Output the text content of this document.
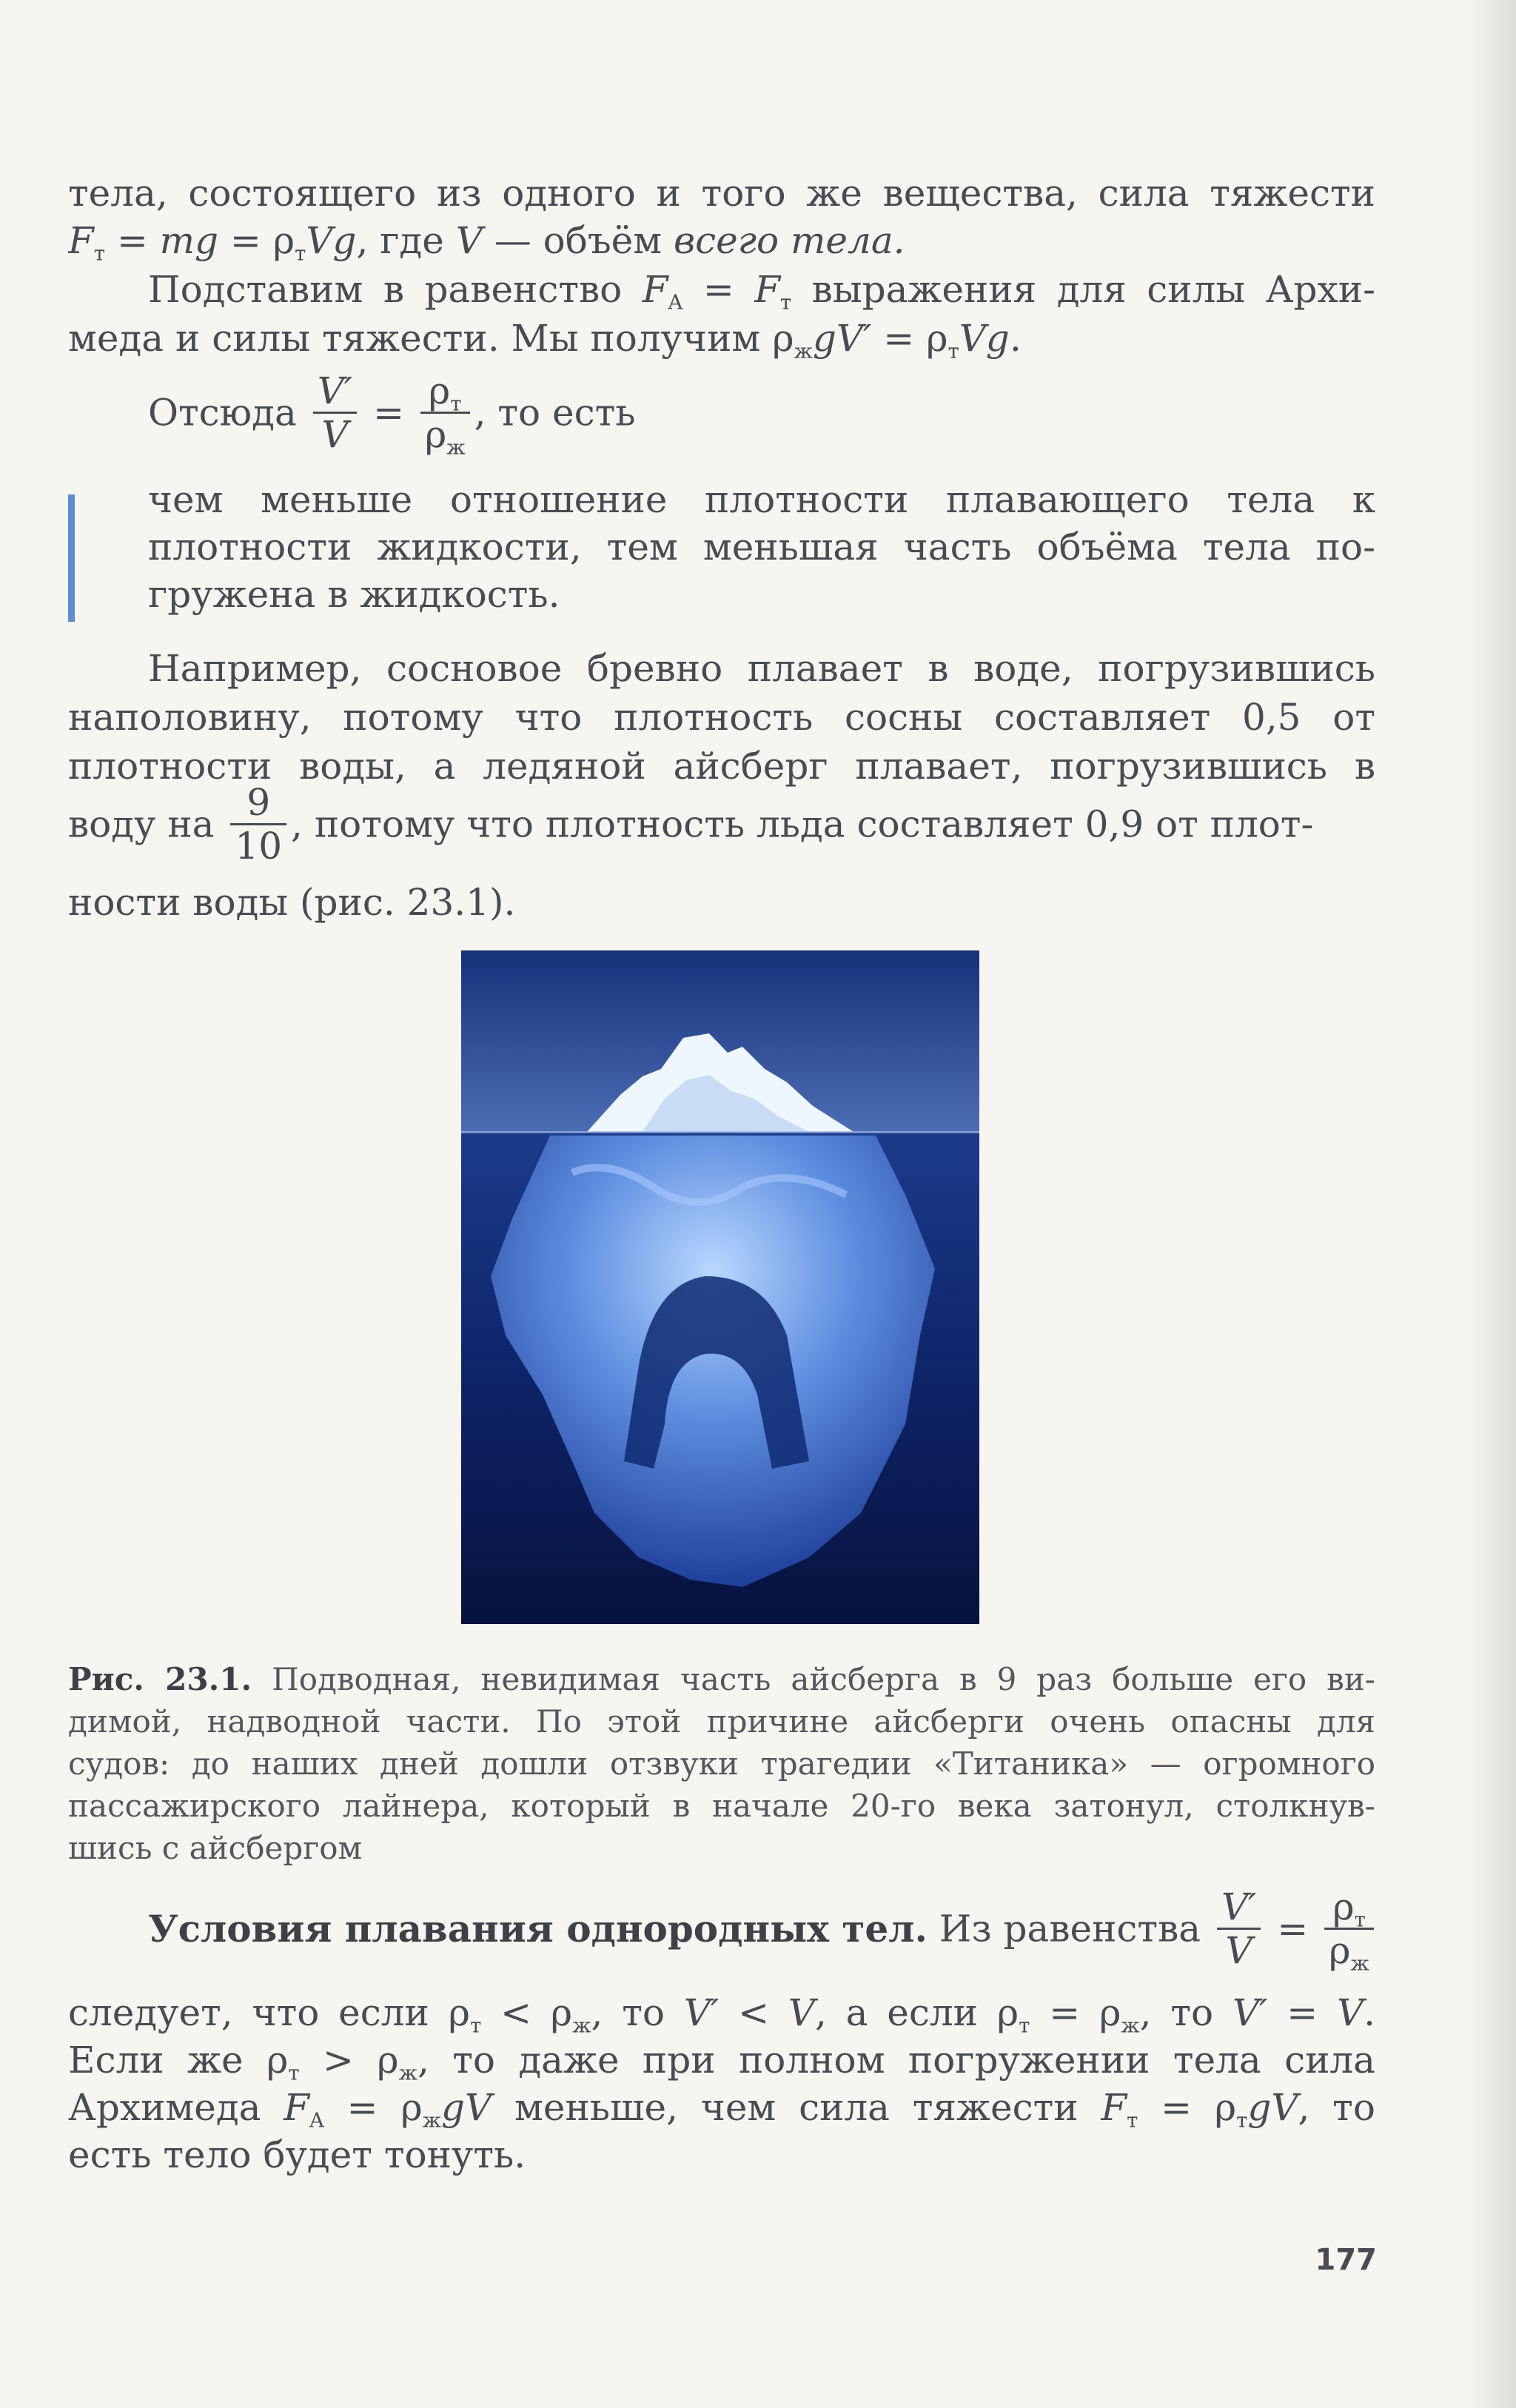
тела, состоящего из одного и того же вещества, сила тяжести
$F_т$ = mg = $\rho_тVg$, где V — объём всего тела.
Подставим в равенство $F_A = F_т$ выражения для силы Архи-
меда и силы тяжести. Мы получим $\rho_жgV' = \rho_тVg$.
Отсюда $\frac{V'}{V} = \frac{\rho_т}{\rho_ж}$ , то есть
чем меньше отношение плотности плавающего тела к
плотности жидкости, тем меньшая часть объёма тела по-
гружена в жидкость.
Например, сосновое бревно плавает в воде, погрузившись
наполовину, потому что плотность сосны составляет 0,5 от
плотности воды, а ледяной айсберг плавает, погрузившись в
воду на $\frac{9}{10}$ , потому что плотность льда составляет 0,9 от плот-
ности воды (рис. 23.1).
Рис. 23.1. Подводная, невидимая часть айсберга в 9 раз больше его ви-
димой, надводной части. По этой причине айсберги очень опасны для
судов: до наших дней дошли отзвуки трагедии «Титаника» — огромного
пассажирского лайнера, который в начале 20-го века затонул, столкнув-
шись с айсбергом
Условия плавания однородных тел. Из равенства $\frac{V'}{V} = \frac{\rho_т}{\rho_ж}$
следует, что если $\rho_т < \rho_ж$, то V′ < V, а если $\rho_т = \rho_ж$, то V′ = V.
Если же $\rho_т > \rho_ж$, то даже при полном погружении тела сила
Архимеда $F_A = \rho_жgV$ меньше, чем сила тяжести $F_т = \rho_тgV$, то
есть тело будет тонуть.
177
